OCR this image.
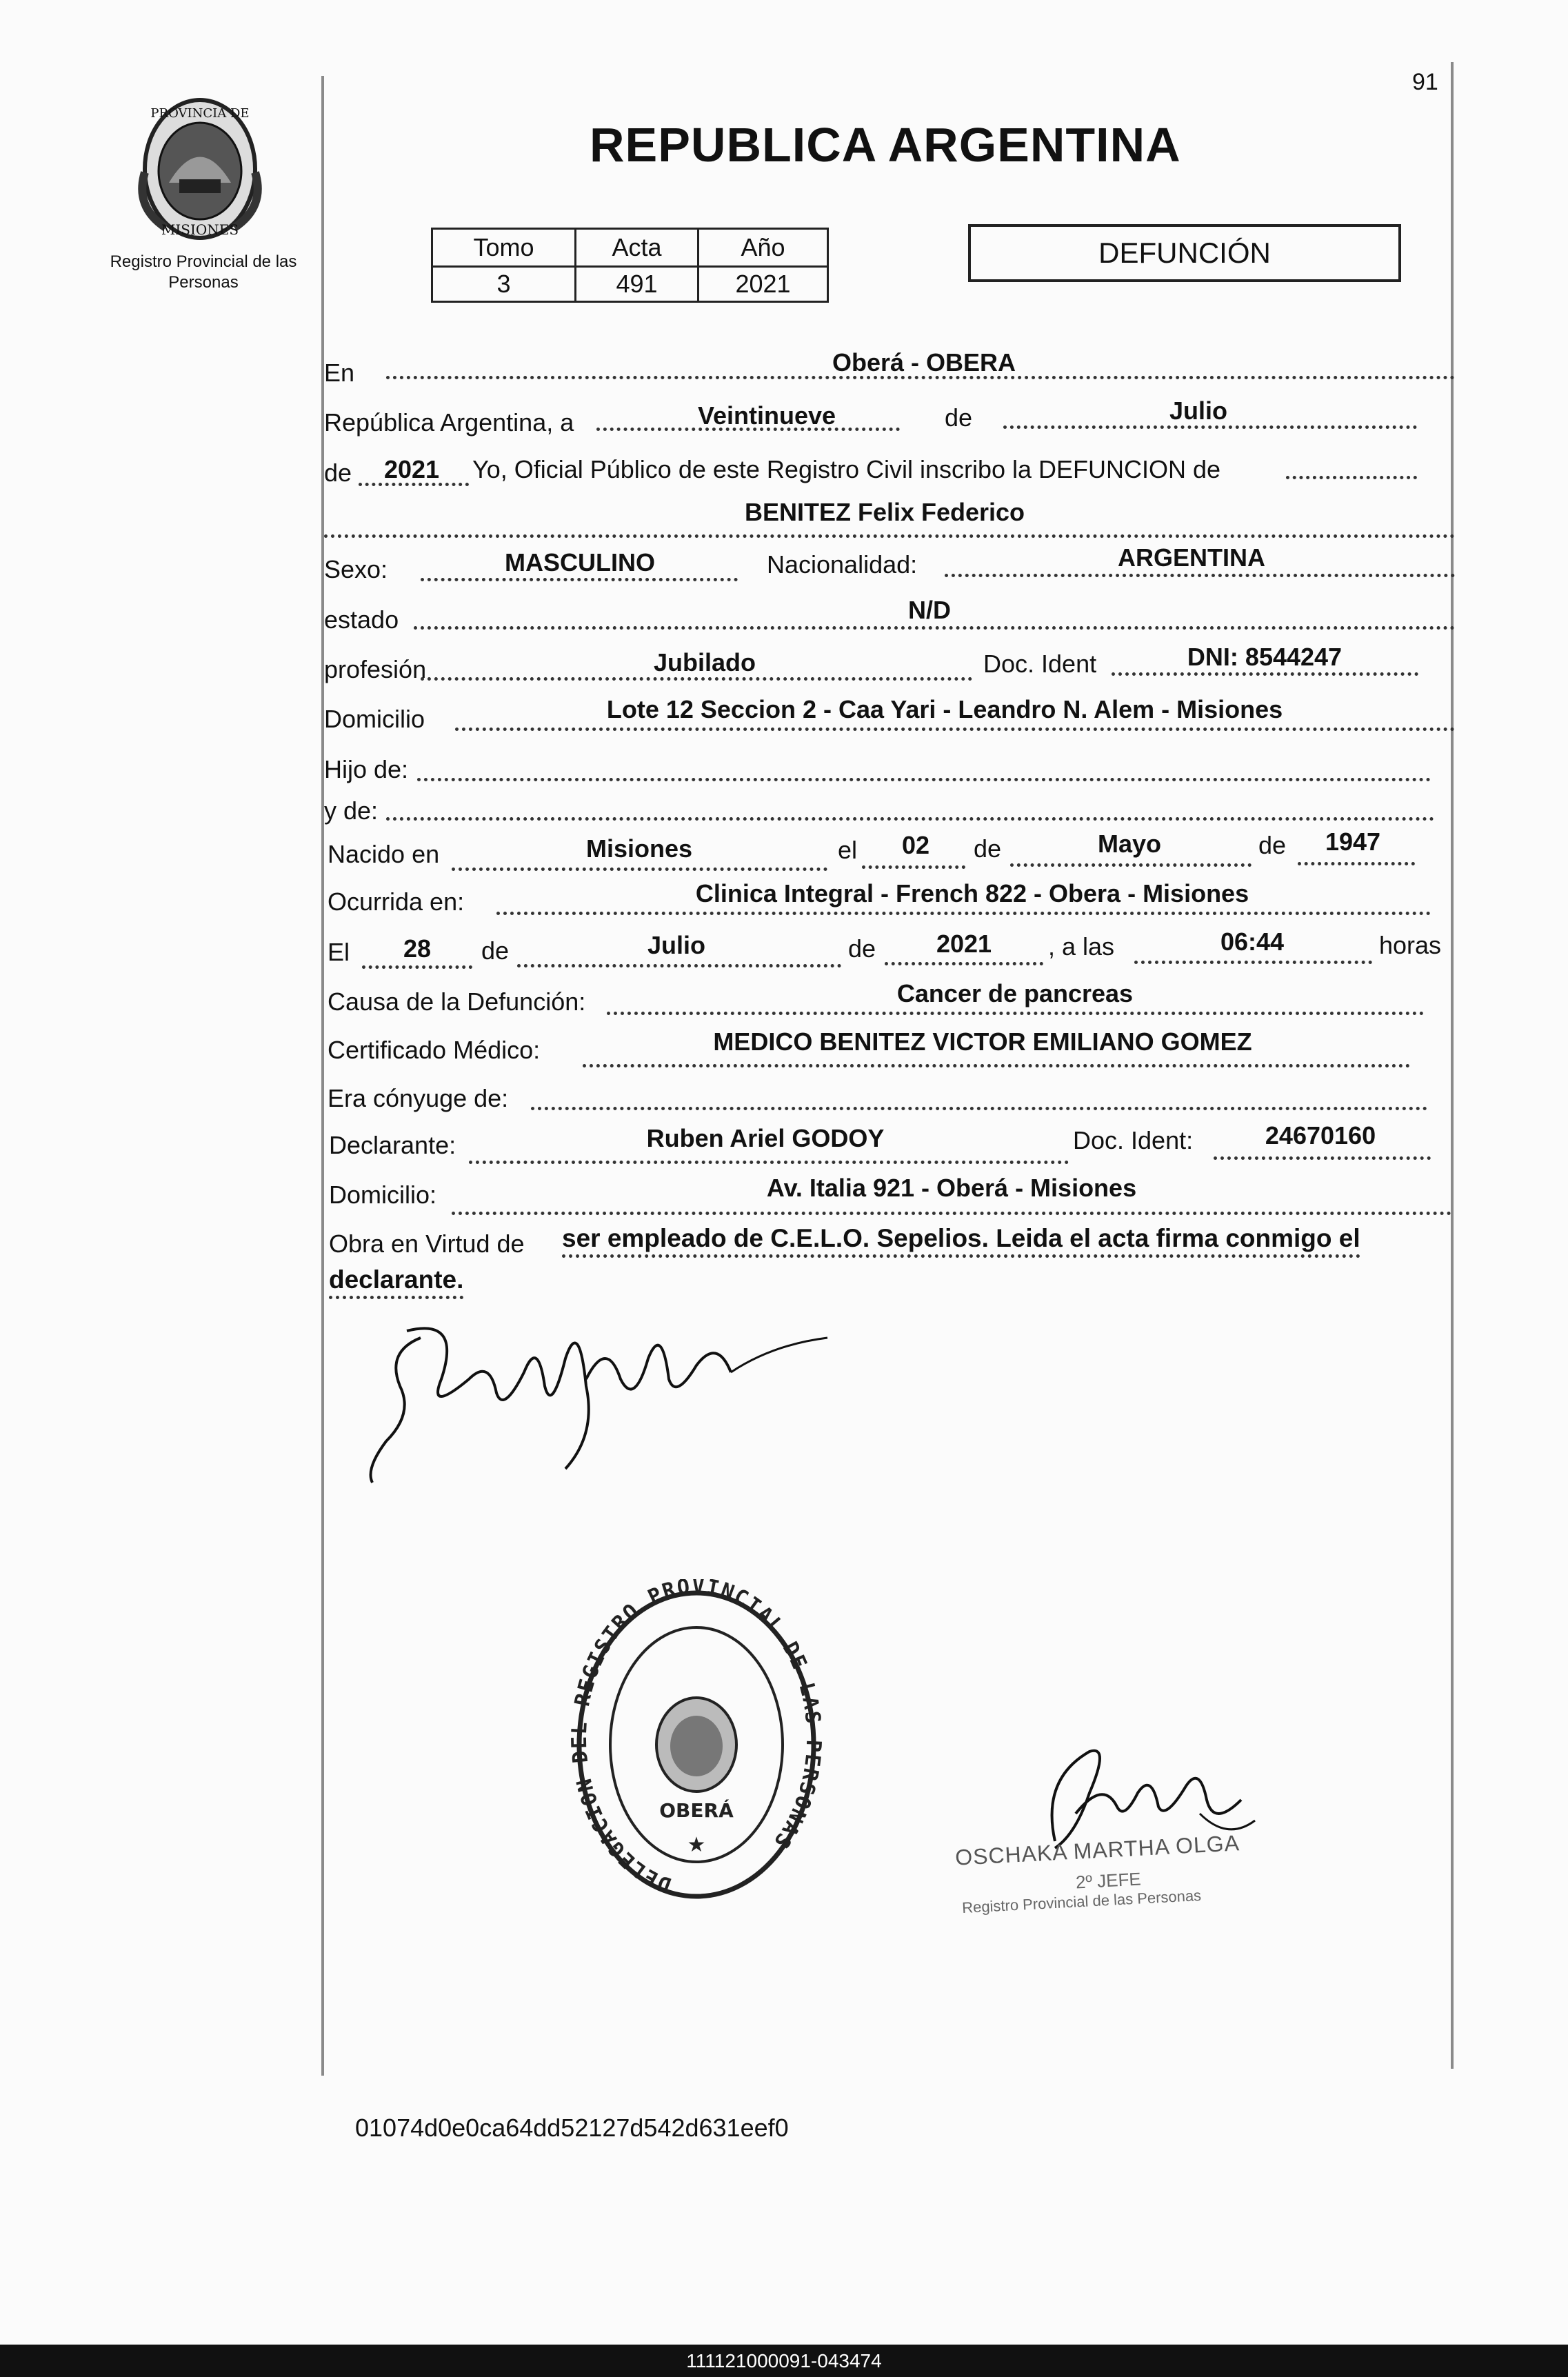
91
REPUBLICA ARGENTINA
PROVINCIA DE
MISIONES
Registro Provincial de las Personas
Tomo	Acta	Año
3	491	2021
DEFUNCIÓN
En	Oberá - OBERA
República Argentina, a	Veintinueve	de	Julio
de 2021 Yo, Oficial Público de este Registro Civil inscribo la DEFUNCION de
BENITEZ Felix Federico
Sexo:	MASCULINO	Nacionalidad:	ARGENTINA
estado	N/D
profesión	Jubilado	Doc. Ident	DNI: 8544247
Domicilio	Lote 12 Seccion 2 - Caa Yari - Leandro N. Alem - Misiones
Hijo de:
y de:
Nacido en	Misiones	el 02 de	Mayo	de 1947
Ocurrida en:	Clinica Integral - French 822 - Obera - Misiones
El 28 de	Julio	de 2021 , a las	06:44	horas
Causa de la Defunción:	Cancer de pancreas
Certificado Médico:	MEDICO BENITEZ VICTOR EMILIANO GOMEZ
Era cónyuge de:
Declarante:	Ruben Ariel GODOY	Doc. Ident:	24670160
Domicilio:	Av. Italia 921 - Oberá - Misiones
Obra en Virtud de ser empleado de C.E.L.O. Sepelios. Leida el acta firma conmigo el
declarante.
DELEGACION DEL REGISTRO PROVINCIAL DE LAS PERSONAS
OBERÁ
★	OSCHAKA MARTHA OLGA
2º JEFE
Registro Provincial de las Personas
01074d0e0ca64dd52127d542d631eef0
111121000091-043474
